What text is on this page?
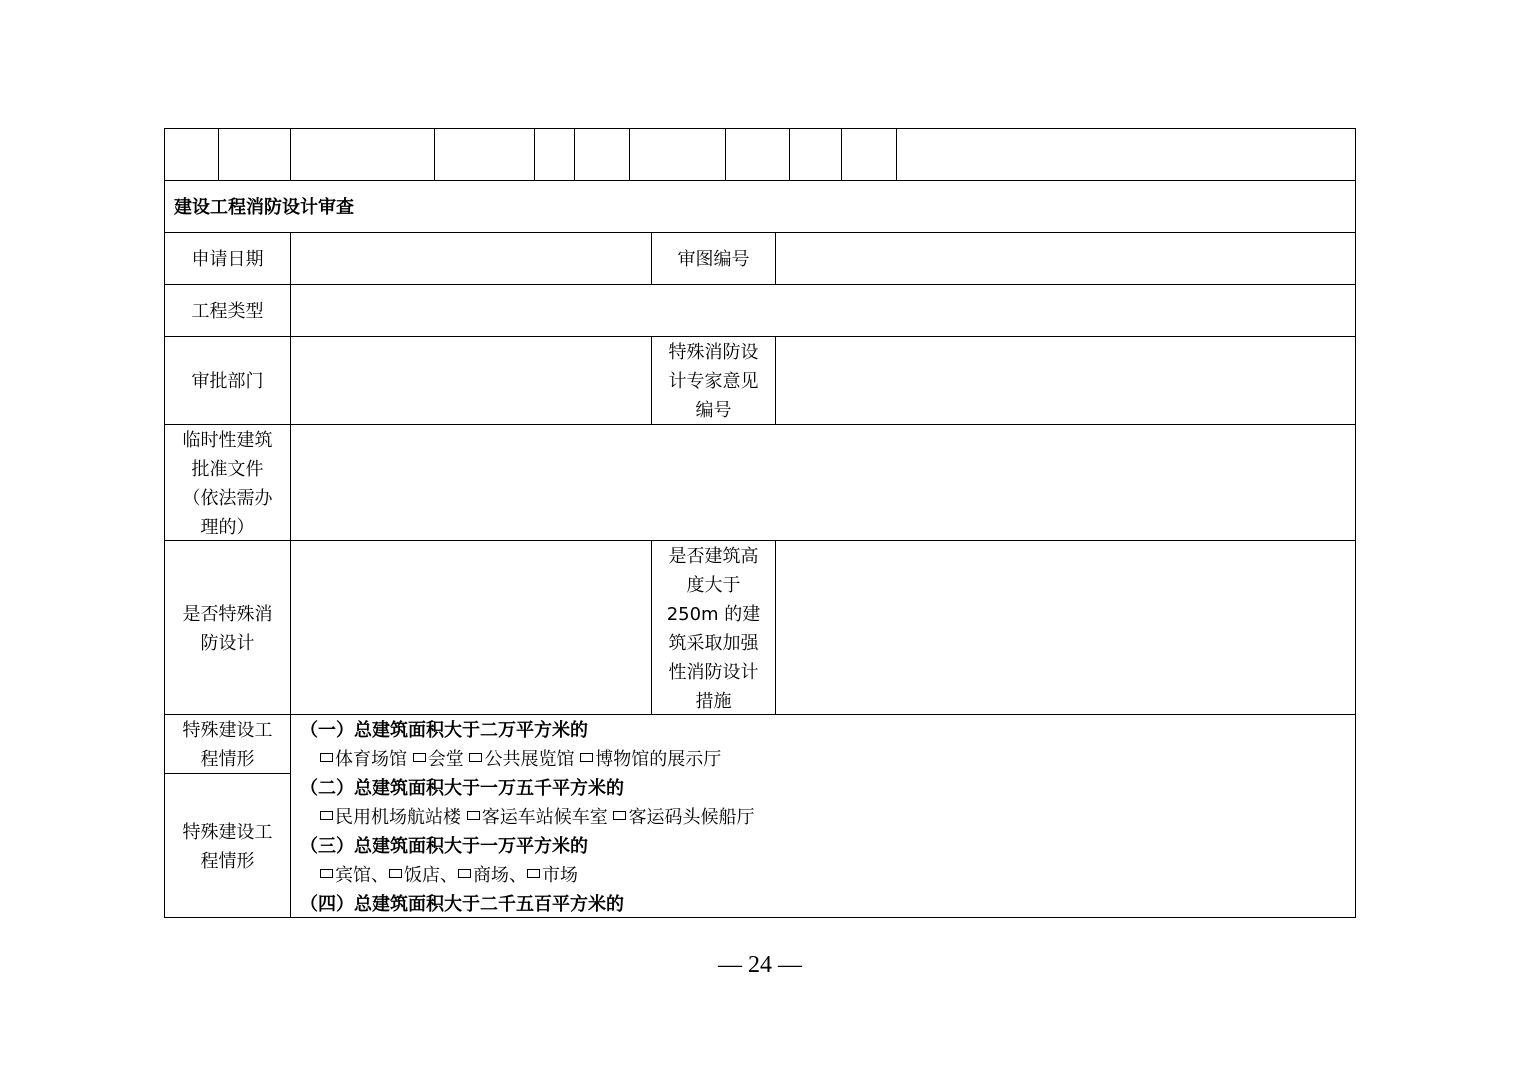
建设工程消防设计审查
申请日期	审图编号
工程类型
审批部门
特殊消防设
计专家意见
编号
临时性建筑
批准文件
（依法需办
理的）
是否特殊消
防设计
是否建筑高
度大于
250m 的建
筑采取加强
性消防设计
措施
特殊建设工
程情形
特殊建设工
程情形
（一）总建筑面积大于二万平方米的
体育场馆 会堂 公共展览馆 博物馆的展示厅
（二）总建筑面积大于一万五千平方米的
民用机场航站楼 客运车站候车室 客运码头候船厅
（三）总建筑面积大于一万平方米的
宾馆、 饭店、 商场、 市场
（四）总建筑面积大于二千五百平方米的
— 24 —
